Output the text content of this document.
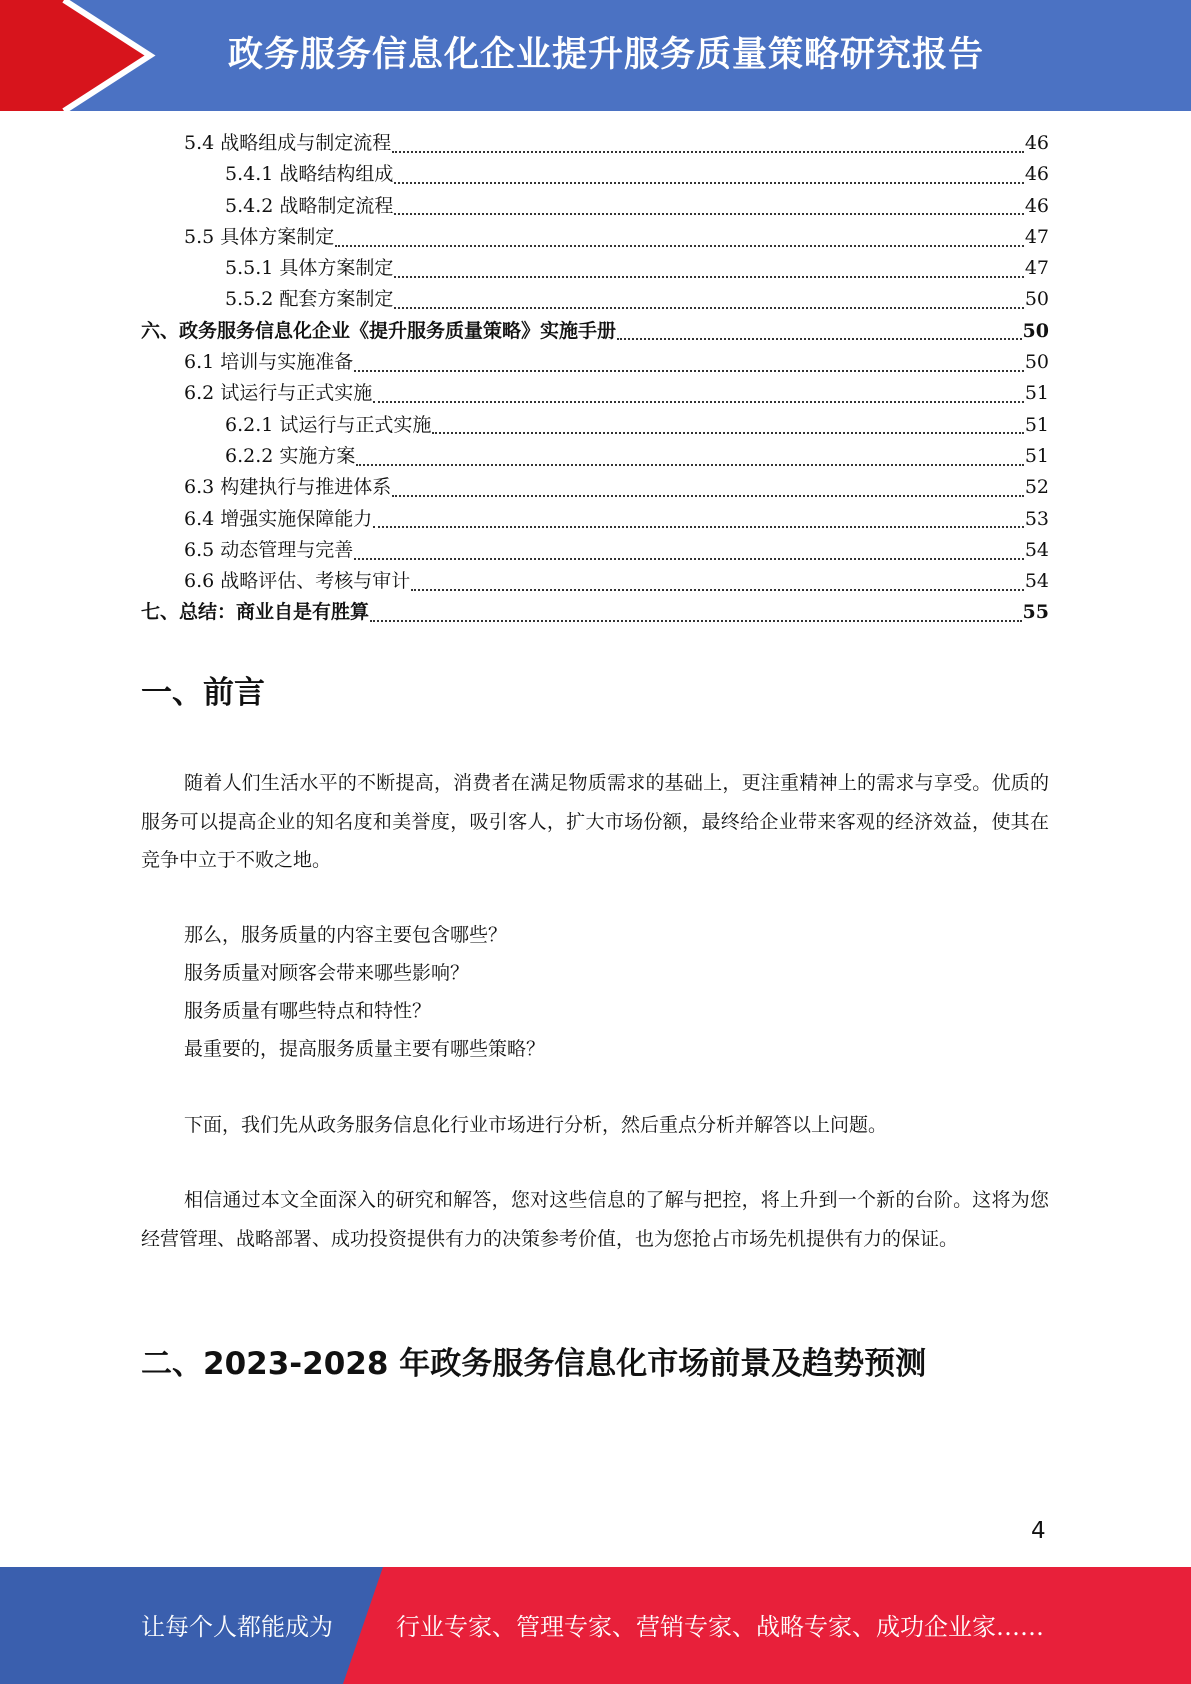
政务服务信息化企业提升服务质量策略研究报告
5.4 战略组成与制定流程	46
5.4.1 战略结构组成	46
5.4.2 战略制定流程	46
5.5 具体方案制定	47
5.5.1 具体方案制定	47
5.5.2 配套方案制定	50
六、政务服务信息化企业《提升服务质量策略》实施手册	50
6.1 培训与实施准备	50
6.2 试运行与正式实施	51
6.2.1 试运行与正式实施	51
6.2.2 实施方案	51
6.3 构建执行与推进体系	52
6.4 增强实施保障能力	53
6.5 动态管理与完善	54
6.6 战略评估、考核与审计	54
七、总结：商业自是有胜算	55
一、前言
随着人们生活水平的不断提高，消费者在满足物质需求的基础上，更注重精神上的需求与享受。优质的服务可以提高企业的知名度和美誉度，吸引客人，扩大市场份额，最终给企业带来客观的经济效益，使其在竞争中立于不败之地。
那么，服务质量的内容主要包含哪些？
服务质量对顾客会带来哪些影响？
服务质量有哪些特点和特性？
最重要的，提高服务质量主要有哪些策略？
下面，我们先从政务服务信息化行业市场进行分析，然后重点分析并解答以上问题。
相信通过本文全面深入的研究和解答，您对这些信息的了解与把控，将上升到一个新的台阶。这将为您经营管理、战略部署、成功投资提供有力的决策参考价值，也为您抢占市场先机提供有力的保证。
二、2023-2028 年政务服务信息化市场前景及趋势预测
4
让每个人都能成为	行业专家、管理专家、营销专家、战略专家、成功企业家……
